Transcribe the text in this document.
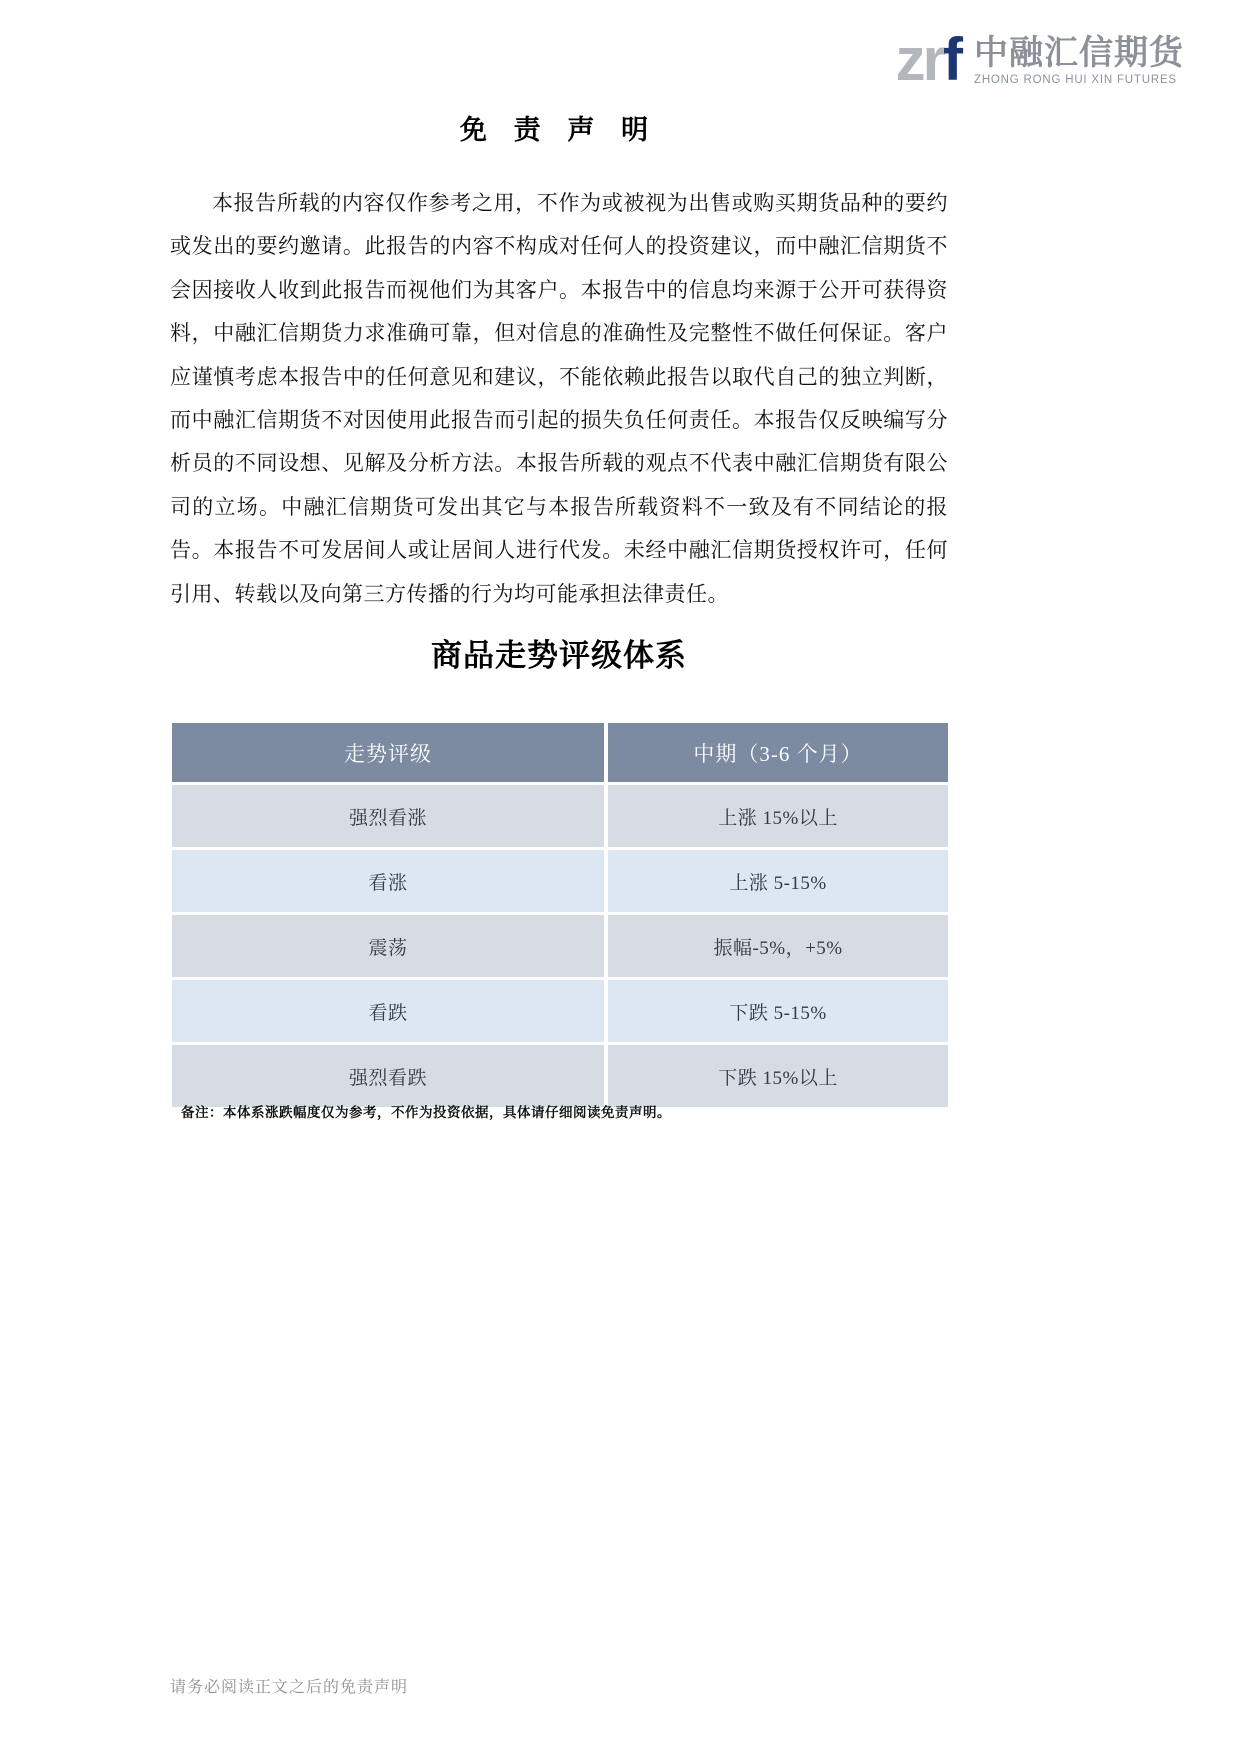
zrf 中融汇信期货
ZHONG RONG HUI XIN FUTURES
免 责 声 明
本报告所载的内容仅作参考之用，不作为或被视为出售或购买期货品种的要约或发出的要约邀请。此报告的内容不构成对任何人的投资建议，而中融汇信期货不会因接收人收到此报告而视他们为其客户。本报告中的信息均来源于公开可获得资料，中融汇信期货力求准确可靠，但对信息的准确性及完整性不做任何保证。客户应谨慎考虑本报告中的任何意见和建议，不能依赖此报告以取代自己的独立判断，而中融汇信期货不对因使用此报告而引起的损失负任何责任。本报告仅反映编写分析员的不同设想、见解及分析方法。本报告所载的观点不代表中融汇信期货有限公司的立场。中融汇信期货可发出其它与本报告所载资料不一致及有不同结论的报告。本报告不可发居间人或让居间人进行代发。未经中融汇信期货授权许可，任何引用、转载以及向第三方传播的行为均可能承担法律责任。
商品走势评级体系
走势评级	中期（3-6 个月）
强烈看涨	上涨 15%以上
看涨	上涨 5-15%
震荡	振幅-5%，+5%
看跌	下跌 5-15%
强烈看跌	下跌 15%以上
备注：本体系涨跌幅度仅为参考，不作为投资依据，具体请仔细阅读免责声明。
请务必阅读正文之后的免责声明
